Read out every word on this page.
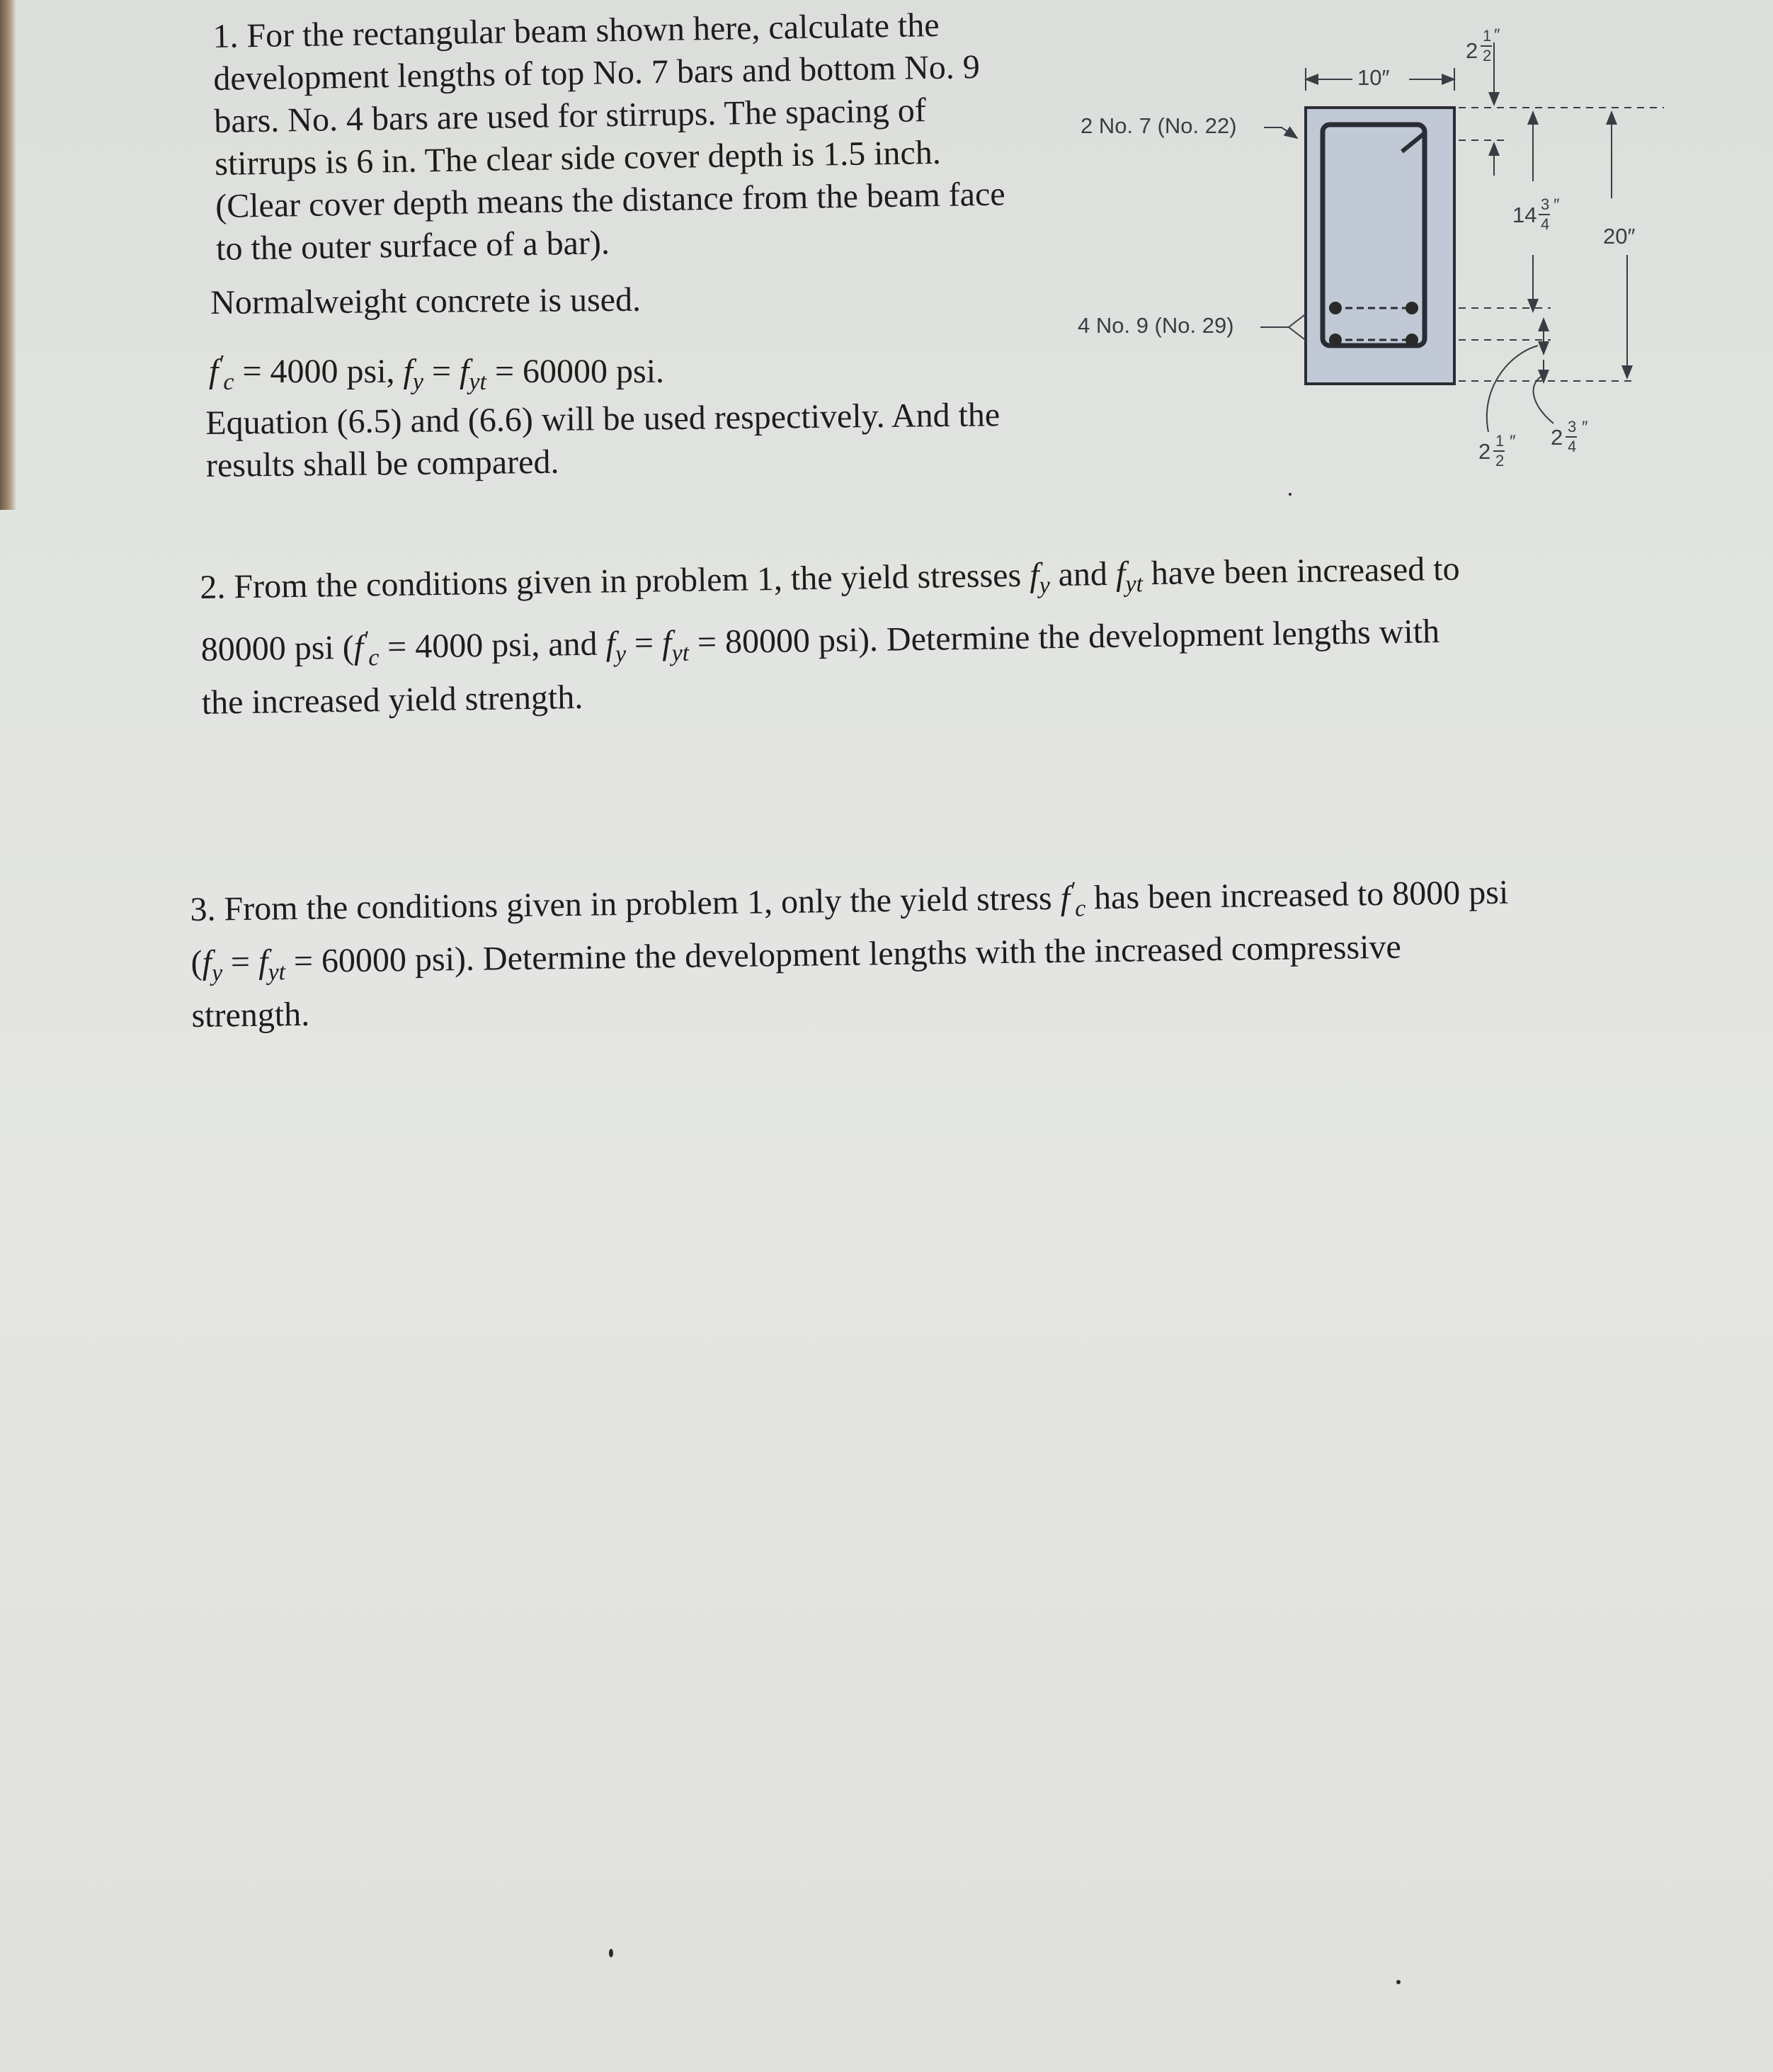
1. For the rectangular beam shown here, calculate the
development lengths of top No. 7 bars and bottom No. 9
bars. No. 4 bars are used for stirrups. The spacing of
stirrups is 6 in. The clear side cover depth is 1.5 inch.
(Clear cover depth means the distance from the beam face
to the outer surface of a bar).
Normalweight concrete is used.
$f'_c = 4000$ psi, $f_y = f_{yt} = 60000$ psi.
Equation (6.5) and (6.6) will be used respectively. And the
results shall be compared.
2. From the conditions given in problem 1, the yield stresses $f_y$ and $f_{yt}$ have been increased to
80000 psi ($f'_c = 4000$ psi, and $f_y = f_{yt} = 80000$ psi). Determine the development lengths with
the increased yield strength.
3. From the conditions given in problem 1, only the yield stress $f'_c$ has been increased to 8000 psi
($f_y = f_{yt} = 60000$ psi). Determine the development lengths with the increased compressive
strength.
10″
2 No. 7 (No. 22)
4 No. 9 (No. 29)
20″
2
1
2
″
14 3
4
″
2 1
2
″ 2 3
4
″
